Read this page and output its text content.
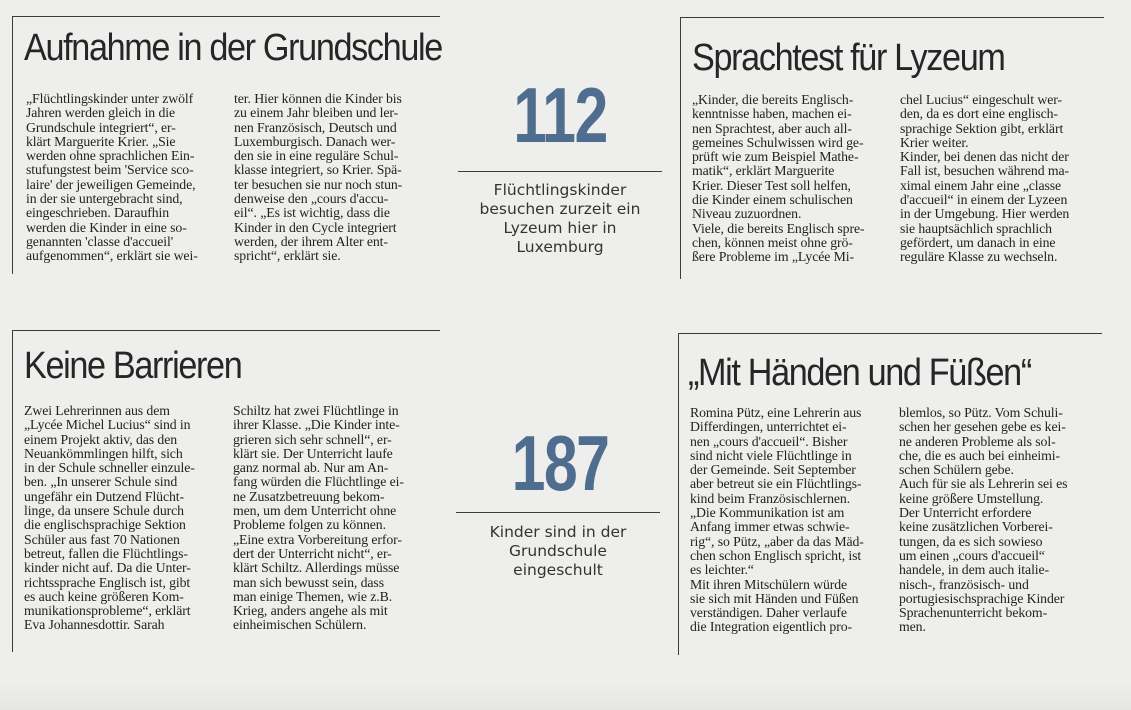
Aufnahme in der Grundschule
„Flüchtlingskinder unter zwölf
Jahren werden gleich in die
Grundschule integriert“, er-
klärt Marguerite Krier. „Sie
werden ohne sprachlichen Ein-
stufungstest beim 'Service sco-
laire' der jeweiligen Gemeinde,
in der sie untergebracht sind,
eingeschrieben. Daraufhin
werden die Kinder in eine so-
genannten 'classe d'accueil'
aufgenommen“, erklärt sie wei-
ter. Hier können die Kinder bis
zu einem Jahr bleiben und ler-
nen Französisch, Deutsch und
Luxemburgisch. Danach wer-
den sie in eine reguläre Schul-
klasse integriert, so Krier. Spä-
ter besuchen sie nur noch stun-
denweise den „cours d'accu-
eil“. „Es ist wichtig, dass die
Kinder in den Cycle integriert
werden, der ihrem Alter ent-
spricht“, erklärt sie.
Sprachtest für Lyzeum
„Kinder, die bereits Englisch-
kenntnisse haben, machen ei-
nen Sprachtest, aber auch all-
gemeines Schulwissen wird ge-
prüft wie zum Beispiel Mathe-
matik“, erklärt Marguerite
Krier. Dieser Test soll helfen,
die Kinder einem schulischen
Niveau zuzuordnen.
Viele, die bereits Englisch spre-
chen, können meist ohne grö-
ßere Probleme im „Lycée Mi-
chel Lucius“ eingeschult wer-
den, da es dort eine englisch-
sprachige Sektion gibt, erklärt
Krier weiter.
Kinder, bei denen das nicht der
Fall ist, besuchen während ma-
ximal einem Jahr eine „classe
d'accueil“ in einem der Lyzeen
in der Umgebung. Hier werden
sie hauptsächlich sprachlich
gefördert, um danach in eine
reguläre Klasse zu wechseln.
112
Flüchtlingskinder
besuchen zurzeit ein
Lyzeum hier in
Luxemburg
Keine Barrieren
Zwei Lehrerinnen aus dem
„Lycée Michel Lucius“ sind in
einem Projekt aktiv, das den
Neuankömmlingen hilft, sich
in der Schule schneller einzule-
ben. „In unserer Schule sind
ungefähr ein Dutzend Flücht-
linge, da unsere Schule durch
die englischsprachige Sektion
Schüler aus fast 70 Nationen
betreut, fallen die Flüchtlings-
kinder nicht auf. Da die Unter-
richtssprache Englisch ist, gibt
es auch keine größeren Kom-
munikationsprobleme“, erklärt
Eva Johannesdottir. Sarah
Schiltz hat zwei Flüchtlinge in
ihrer Klasse. „Die Kinder inte-
grieren sich sehr schnell“, er-
klärt sie. Der Unterricht laufe
ganz normal ab. Nur am An-
fang würden die Flüchtlinge ei-
ne Zusatzbetreuung bekom-
men, um dem Unterricht ohne
Probleme folgen zu können.
„Eine extra Vorbereitung erfor-
dert der Unterricht nicht“, er-
klärt Schiltz. Allerdings müsse
man sich bewusst sein, dass
man einige Themen, wie z.B.
Krieg, anders angehe als mit
einheimischen Schülern.
„Mit Händen und Füßen“
Romina Pütz, eine Lehrerin aus
Differdingen, unterrichtet ei-
nen „cours d'accueil“. Bisher
sind nicht viele Flüchtlinge in
der Gemeinde. Seit September
aber betreut sie ein Flüchtlings-
kind beim Französischlernen.
„Die Kommunikation ist am
Anfang immer etwas schwie-
rig“, so Pütz, „aber da das Mäd-
chen schon Englisch spricht, ist
es leichter.“
Mit ihren Mitschülern würde
sie sich mit Händen und Füßen
verständigen. Daher verlaufe
die Integration eigentlich pro-
blemlos, so Pütz. Vom Schuli-
schen her gesehen gebe es kei-
ne anderen Probleme als sol-
che, die es auch bei einheimi-
schen Schülern gebe.
Auch für sie als Lehrerin sei es
keine größere Umstellung.
Der Unterricht erfordere
keine zusätzlichen Vorberei-
tungen, da es sich sowieso
um einen „cours d'accueil“
handele, in dem auch italie-
nisch-, französisch- und
portugiesischsprachige Kinder
Sprachenunterricht bekom-
men.
187
Kinder sind in der
Grundschule
eingeschult
